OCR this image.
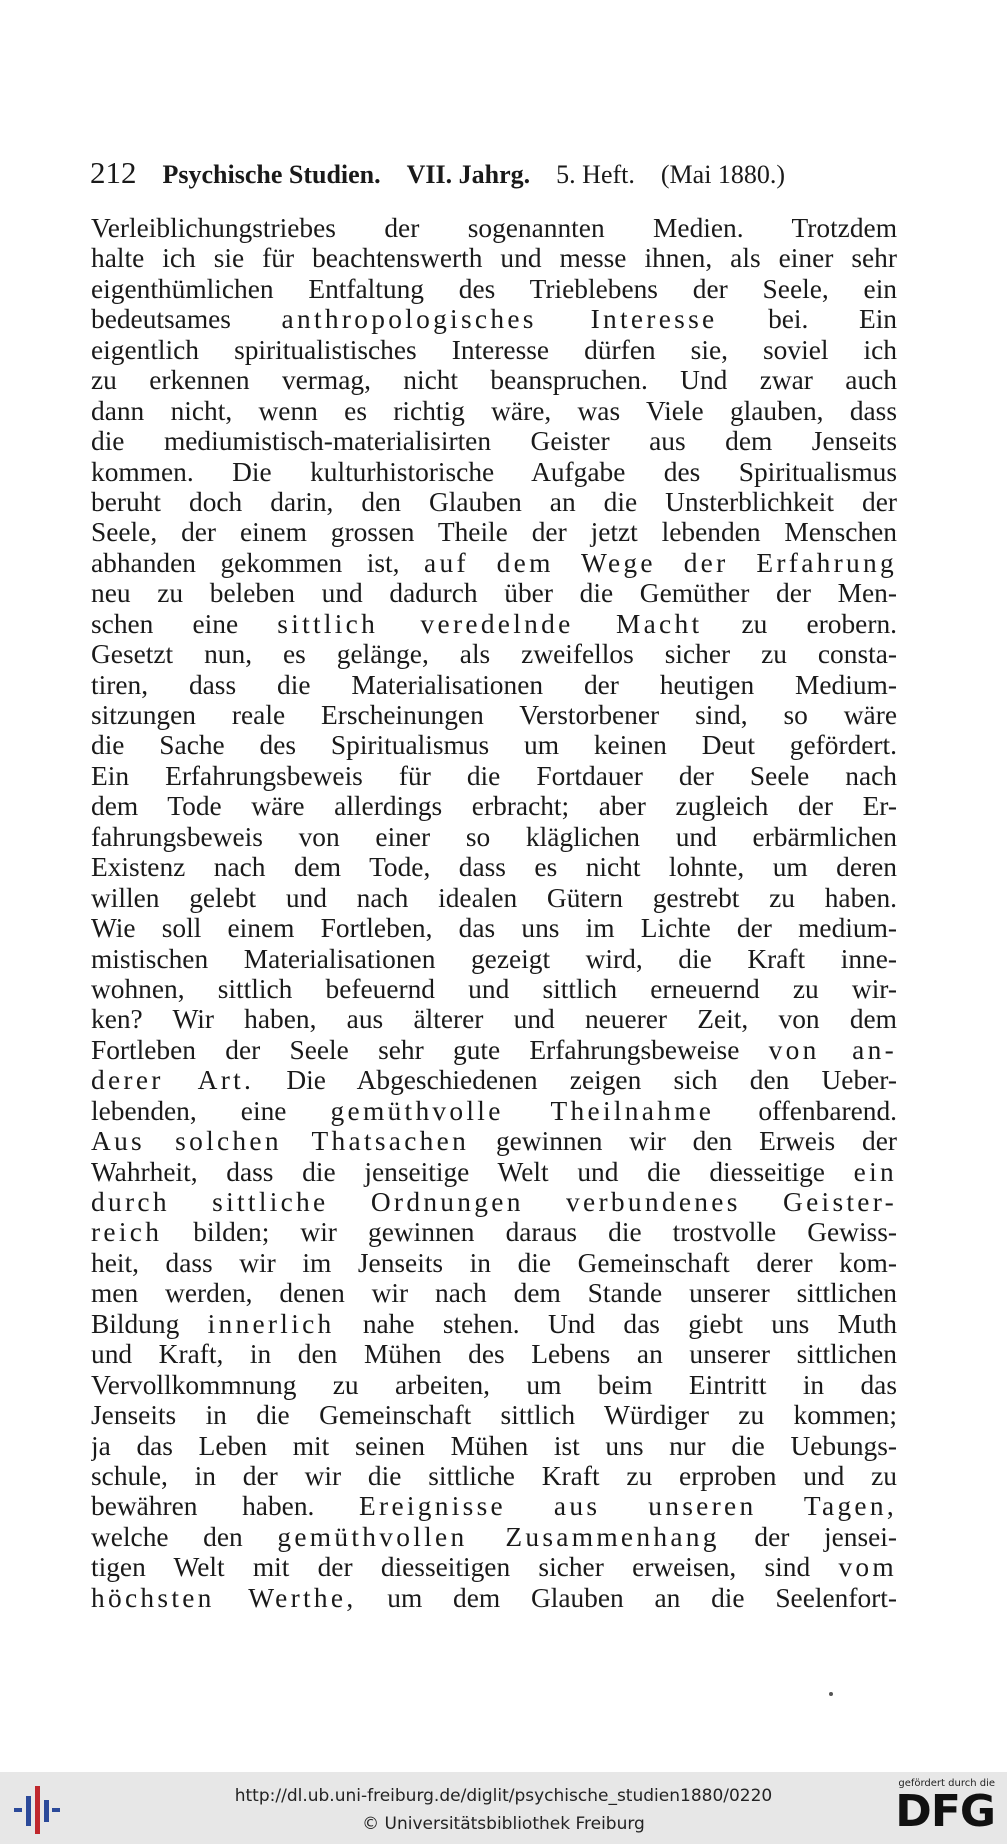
212 Psychische Studien. VII. Jahrg. 5. Heft. (Mai 1880.)
Verleiblichungstriebes der sogenannten Medien. Trotzdem
halte ich sie für beachtenswerth und messe ihnen, als einer sehr
eigenthümlichen Entfaltung des Trieblebens der Seele, ein
bedeutsames anthropologisches Interesse bei. Ein
eigentlich spiritualistisches Interesse dürfen sie, soviel ich
zu erkennen vermag, nicht beanspruchen. Und zwar auch
dann nicht, wenn es richtig wäre, was Viele glauben, dass
die mediumistisch-materialisirten Geister aus dem Jenseits
kommen. Die kulturhistorische Aufgabe des Spiritualismus
beruht doch darin, den Glauben an die Unsterblichkeit der
Seele, der einem grossen Theile der jetzt lebenden Menschen
abhanden gekommen ist, auf dem Wege der Erfahrung
neu zu beleben und dadurch über die Gemüther der Men-
schen eine sittlich veredelnde Macht zu erobern.
Gesetzt nun, es gelänge, als zweifellos sicher zu consta-
tiren, dass die Materialisationen der heutigen Medium-
sitzungen reale Erscheinungen Verstorbener sind, so wäre
die Sache des Spiritualismus um keinen Deut gefördert.
Ein Erfahrungsbeweis für die Fortdauer der Seele nach
dem Tode wäre allerdings erbracht; aber zugleich der Er-
fahrungsbeweis von einer so kläglichen und erbärmlichen
Existenz nach dem Tode, dass es nicht lohnte, um deren
willen gelebt und nach idealen Gütern gestrebt zu haben.
Wie soll einem Fortleben, das uns im Lichte der medium-
mistischen Materialisationen gezeigt wird, die Kraft inne-
wohnen, sittlich befeuernd und sittlich erneuernd zu wir-
ken? Wir haben, aus älterer und neuerer Zeit, von dem
Fortleben der Seele sehr gute Erfahrungsbeweise von an-
derer Art. Die Abgeschiedenen zeigen sich den Ueber-
lebenden, eine gemüthvolle Theilnahme offenbarend.
Aus solchen Thatsachen gewinnen wir den Erweis der
Wahrheit, dass die jenseitige Welt und die diesseitige ein
durch sittliche Ordnungen verbundenes Geister-
reich bilden; wir gewinnen daraus die trostvolle Gewiss-
heit, dass wir im Jenseits in die Gemeinschaft derer kom-
men werden, denen wir nach dem Stande unserer sittlichen
Bildung innerlich nahe stehen. Und das giebt uns Muth
und Kraft, in den Mühen des Lebens an unserer sittlichen
Vervollkommnung zu arbeiten, um beim Eintritt in das
Jenseits in die Gemeinschaft sittlich Würdiger zu kommen;
ja das Leben mit seinen Mühen ist uns nur die Uebungs-
schule, in der wir die sittliche Kraft zu erproben und zu
bewähren haben. Ereignisse aus unseren Tagen,
welche den gemüthvollen Zusammenhang der jensei-
tigen Welt mit der diesseitigen sicher erweisen, sind vom
höchsten Werthe, um dem Glauben an die Seelenfort-
http://dl.ub.uni-freiburg.de/diglit/psychische_studien1880/0220
© Universitätsbibliothek Freiburg
gefördert durch die
DFG
